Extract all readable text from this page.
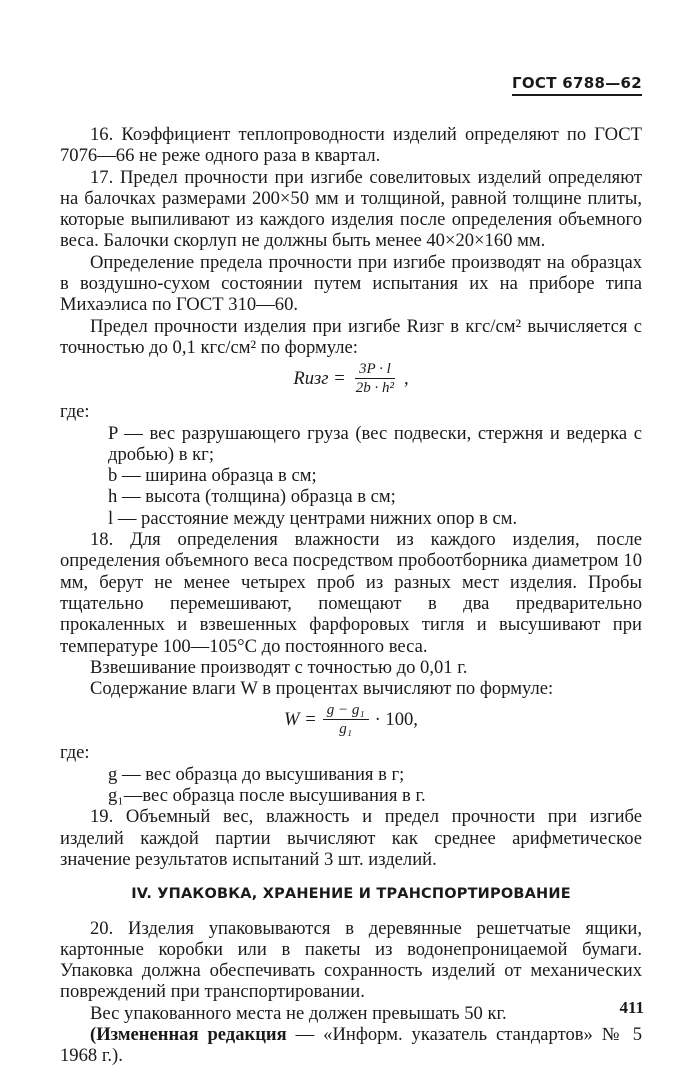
ГОСТ 6788—62

16. Коэффициент теплопроводности изделий определяют по ГОСТ 7076—66 не реже одного раза в квартал.

17. Предел прочности при изгибе совелитовых изделий определяют на балочках размерами 200×50 мм и толщиной, равной толщине плиты, которые выпиливают из каждого изделия после определения объемного веса. Балочки скорлуп не должны быть менее 40×20×160 мм.

Определение предела прочности при изгибе производят на образцах в воздушно-сухом состоянии путем испытания их на приборе типа Михаэлиса по ГОСТ 310—60.

Предел прочности изделия при изгибе Rизг в кгс/см² вычисляется с точностью до 0,1 кгс/см² по формуле:

Rизг = $\frac{3P \cdot l}{\text{2b · h²}}$ ,

где:

P — вес разрушающего груза (вес подвески, стержня и ведерка с дробью) в кг;

b — ширина образца в см;

h — высота (толщина) образца в см;

l — расстояние между центрами нижних опор в см.

18. Для определения влажности из каждого изделия, после определения объемного веса посредством пробоотборника диаметром 10 мм, берут не менее четырех проб из разных мест изделия. Пробы тщательно перемешивают, помещают в два предварительно прокаленных и взвешенных фарфоровых тигля и высушивают при температуре 100—105°С до постоянного веса.

Взвешивание производят с точностью до 0,01 г.

Содержание влаги W в процентах вычисляют по формуле:

$W = \frac{\text{g − g₁}}{\text{g₁}} \cdot 100$,

где:

g — вес образца до высушивания в г;

g₁—вес образца после высушивания в г.

19. Объемный вес, влажность и предел прочности при изгибе изделий каждой партии вычисляют как среднее арифметическое значение результатов испытаний 3 шт. изделий.

IV. УПАКОВКА, ХРАНЕНИЕ И ТРАНСПОРТИРОВАНИЕ

20. Изделия упаковываются в деревянные решетчатые ящики, картонные коробки или в пакеты из водонепроницаемой бумаги. Упаковка должна обеспечивать сохранность изделий от механических повреждений при транспортировании.

Вес упакованного места не должен превышать 50 кг.

(Измененная редакция — «Информ. указатель стандартов» № 5 1968 г.).

411
